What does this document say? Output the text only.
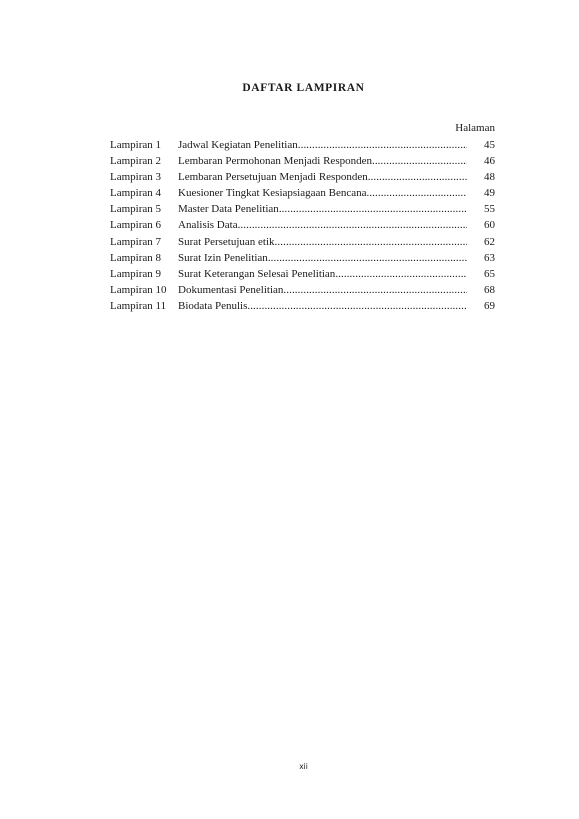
DAFTAR LAMPIRAN
Halaman
Lampiran 1	Jadwal Kegiatan Penelitian .....	45
Lampiran 2	Lembaran Permohonan Menjadi Responden .....	46
Lampiran 3	Lembaran Persetujuan Menjadi Responden .....	48
Lampiran 4	Kuesioner Tingkat Kesiapsiagaan Bencana .....	49
Lampiran 5	Master Data Penelitian .....	55
Lampiran 6	Analisis Data .....	60
Lampiran 7	Surat Persetujuan etik .....	62
Lampiran 8	Surat Izin Penelitian .....	63
Lampiran 9	Surat Keterangan Selesai Penelitian .....	65
Lampiran 10	Dokumentasi Penelitian .....	68
Lampiran 11	Biodata Penulis .....	69
xii
